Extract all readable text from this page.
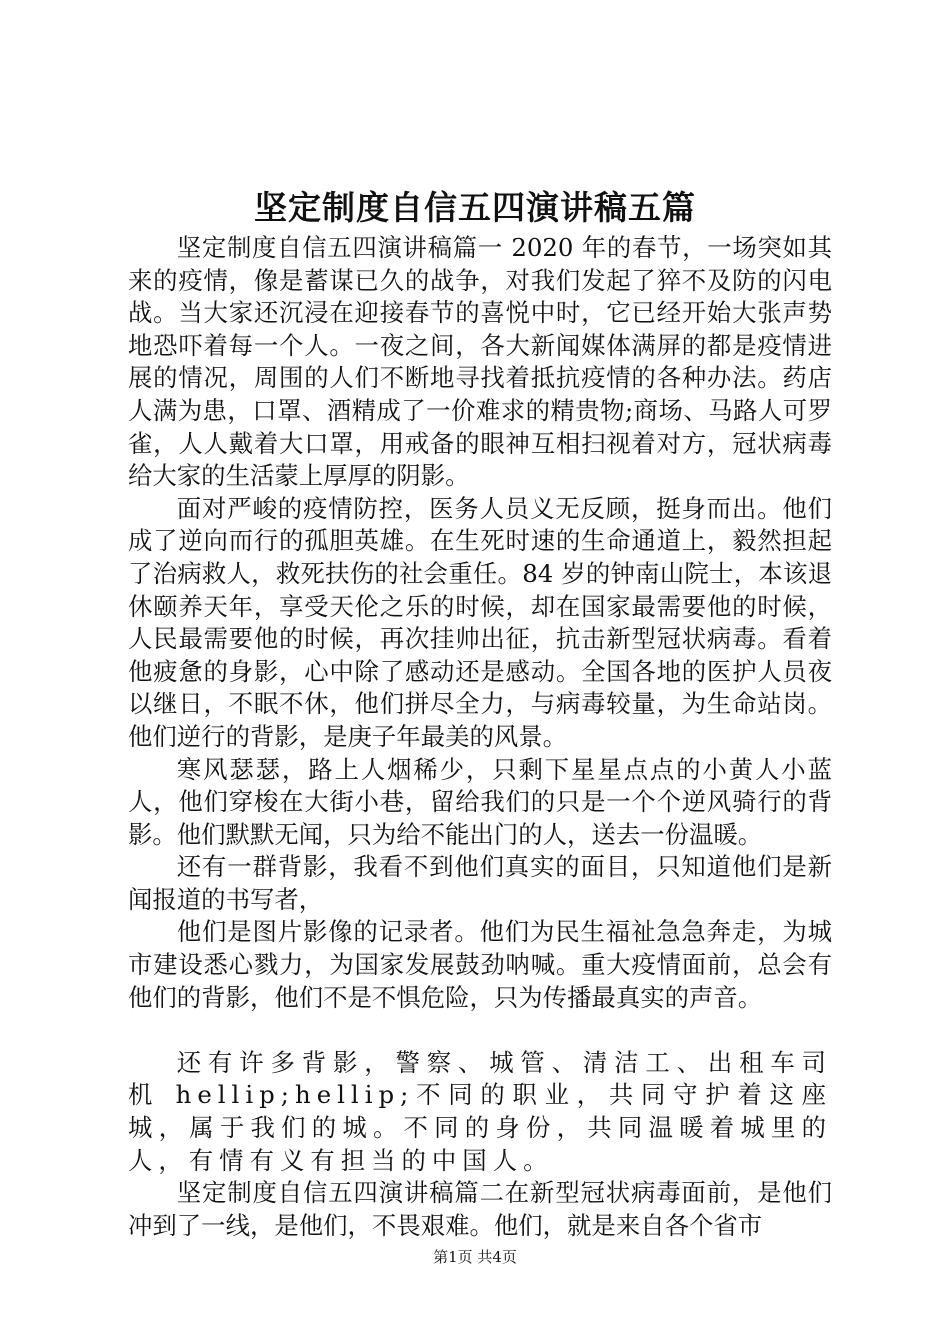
坚定制度自信五四演讲稿五篇

坚定制度自信五四演讲稿篇一 2020 年的春节，一场突如其来的疫情，像是蓄谋已久的战争，对我们发起了猝不及防的闪电战。当大家还沉浸在迎接春节的喜悦中时，它已经开始大张声势地恐吓着每一个人。一夜之间，各大新闻媒体满屏的都是疫情进展的情况，周围的人们不断地寻找着抵抗疫情的各种办法。药店人满为患，口罩、酒精成了一价难求的精贵物;商场、马路人可罗雀，人人戴着大口罩，用戒备的眼神互相扫视着对方，冠状病毒给大家的生活蒙上厚厚的阴影。

面对严峻的疫情防控，医务人员义无反顾，挺身而出。他们成了逆向而行的孤胆英雄。在生死时速的生命通道上，毅然担起了治病救人，救死扶伤的社会重任。84 岁的钟南山院士，本该退休颐养天年，享受天伦之乐的时候，却在国家最需要他的时候，人民最需要他的时候，再次挂帅出征，抗击新型冠状病毒。看着他疲惫的身影，心中除了感动还是感动。全国各地的医护人员夜以继日，不眠不休，他们拼尽全力，与病毒较量，为生命站岗。他们逆行的背影，是庚子年最美的风景。

寒风瑟瑟，路上人烟稀少，只剩下星星点点的小黄人小蓝人，他们穿梭在大街小巷，留给我们的只是一个个逆风骑行的背影。他们默默无闻，只为给不能出门的人，送去一份温暖。

还有一群背影，我看不到他们真实的面目，只知道他们是新闻报道的书写者，

他们是图片影像的记录者。他们为民生福祉急急奔走，为城市建设悉心戮力，为国家发展鼓劲呐喊。重大疫情面前，总会有他们的背影，他们不是不惧危险，只为传播最真实的声音。

还有许多背影，警察、城管、清洁工、出租车司机 hellip;hellip;不同的职业，共同守护着这座城，属于我们的城。不同的身份，共同温暖着城里的人，有情有义有担当的中国人。

坚定制度自信五四演讲稿篇二在新型冠状病毒面前，是他们冲到了一线，是他们，不畏艰难。他们，就是来自各个省市

第1页 共4页
